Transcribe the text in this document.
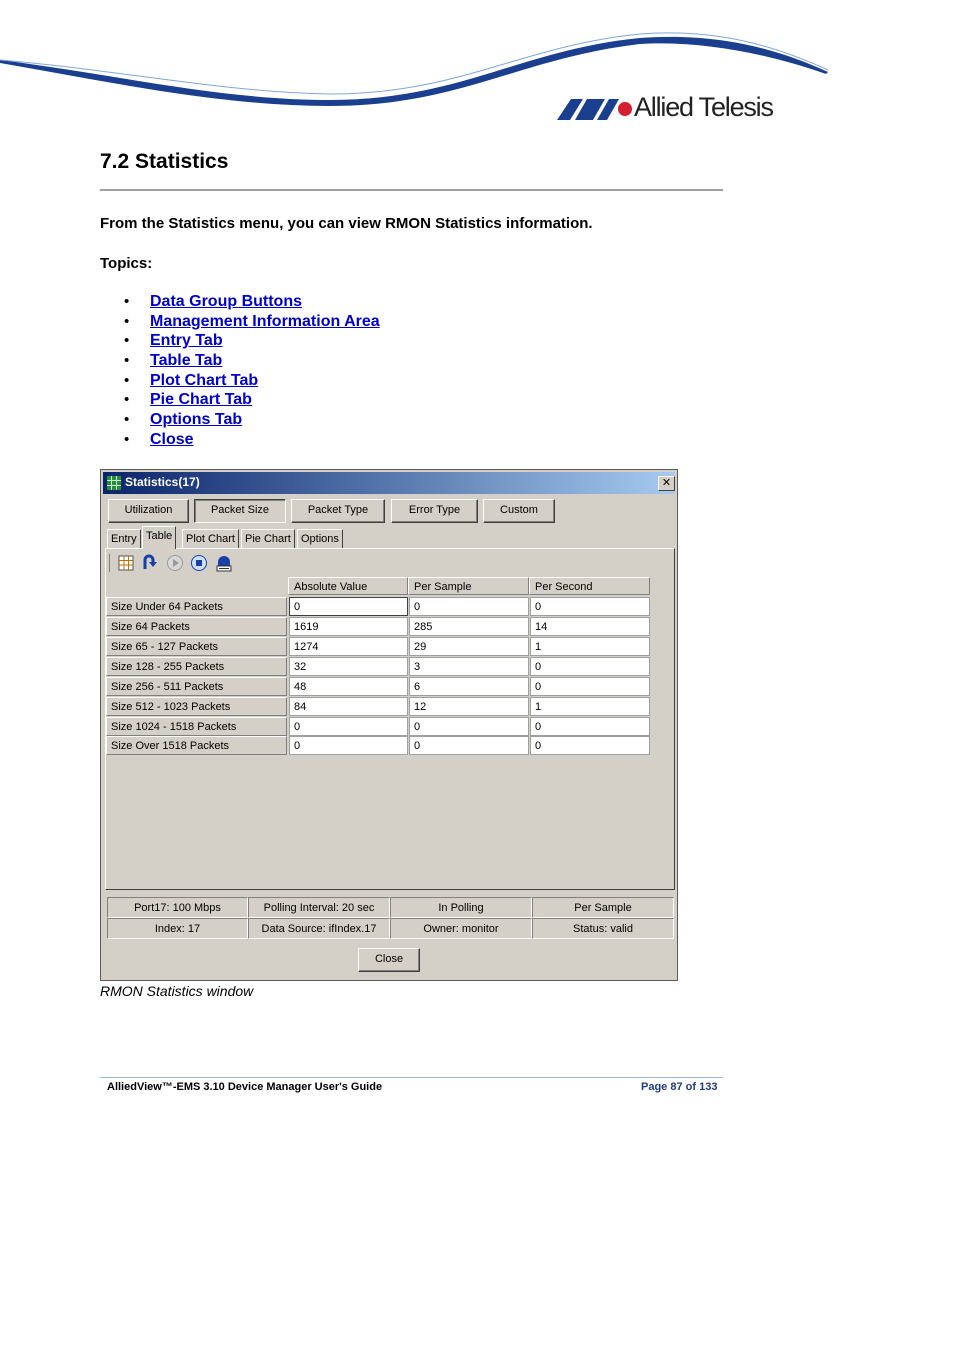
Allied Telesis
7.2 Statistics
From the Statistics menu, you can view RMON Statistics information.
Topics:
• Data Group Buttons
• Management Information Area
• Entry Tab
• Table Tab
• Plot Chart Tab
• Pie Chart Tab
• Options Tab
• Close
Statistics(17)	✕
Utilization	Packet Size	Packet Type	Error Type	Custom
Entry Table	Plot Chart Pie Chart Options
Absolute Value	Per Sample	Per Second
Size Under 64 Packets	0	0	0
Size 64 Packets	1619	285	14
Size 65 - 127 Packets	1274	29	1
Size 128 - 255 Packets	32	3	0
Size 256 - 511 Packets	48	6	0
Size 512 - 1023 Packets	84	12	1
Size 1024 - 1518 Packets	0	0	0
Size Over 1518 Packets	0	0	0
Port17: 100 Mbps	Polling Interval: 20 sec	In Polling	Per Sample
Index: 17	Data Source: ifIndex.17	Owner: monitor	Status: valid
Close
RMON Statistics window
AlliedView™-EMS 3.10 Device Manager User's Guide	Page 87 of 133
